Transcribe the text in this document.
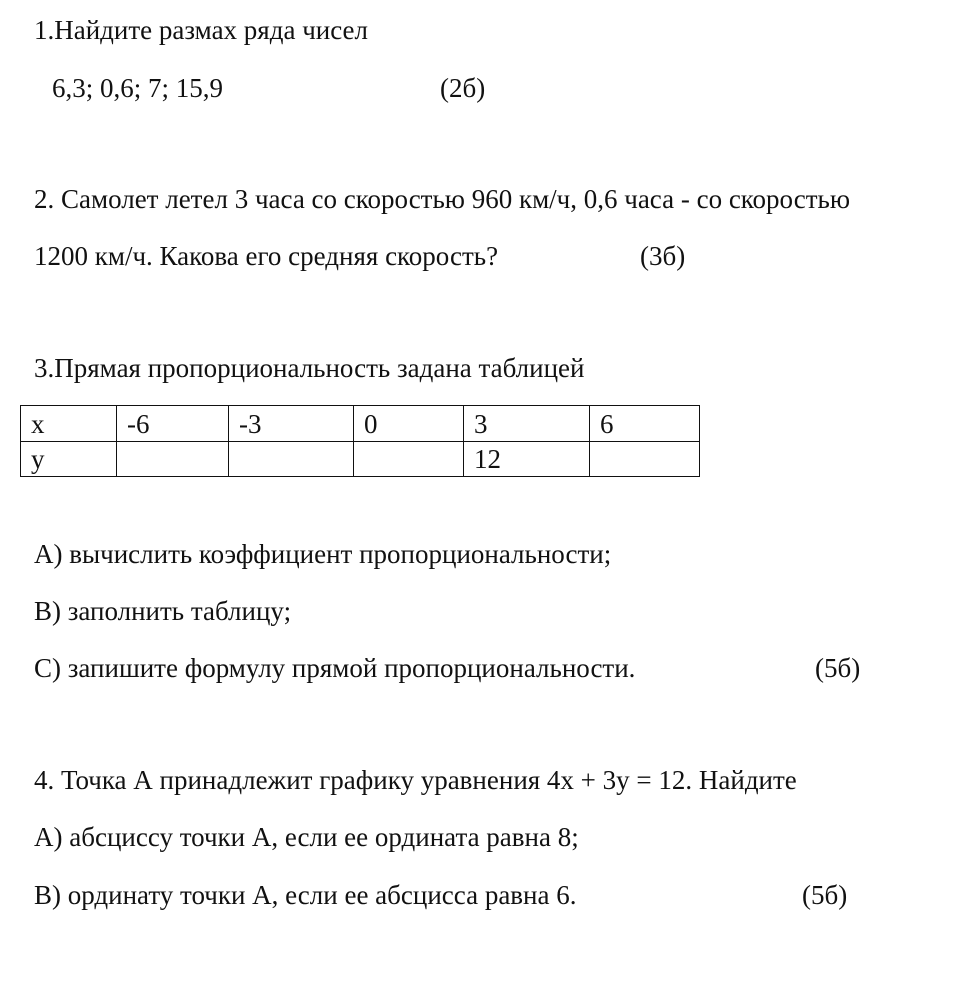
1.Найдите размах ряда чисел
6,3; 0,6; 7; 15,9	(2б)
2. Самолет летел 3 часа со скоростью 960 км/ч, 0,6 часа - со скоростью
1200 км/ч. Какова его средняя скорость?	(3б)
3.Прямая пропорциональность задана таблицей
x	-6	-3	0	3	6
y				12	
А) вычислить коэффициент пропорциональности;
В) заполнить таблицу;
С) запишите формулу прямой пропорциональности.	(5б)
4. Точка А принадлежит графику уравнения 4х + 3у = 12. Найдите
А) абсциссу точки А, если ее ордината равна 8;
В) ординату точки А, если ее абсцисса равна 6.	(5б)
